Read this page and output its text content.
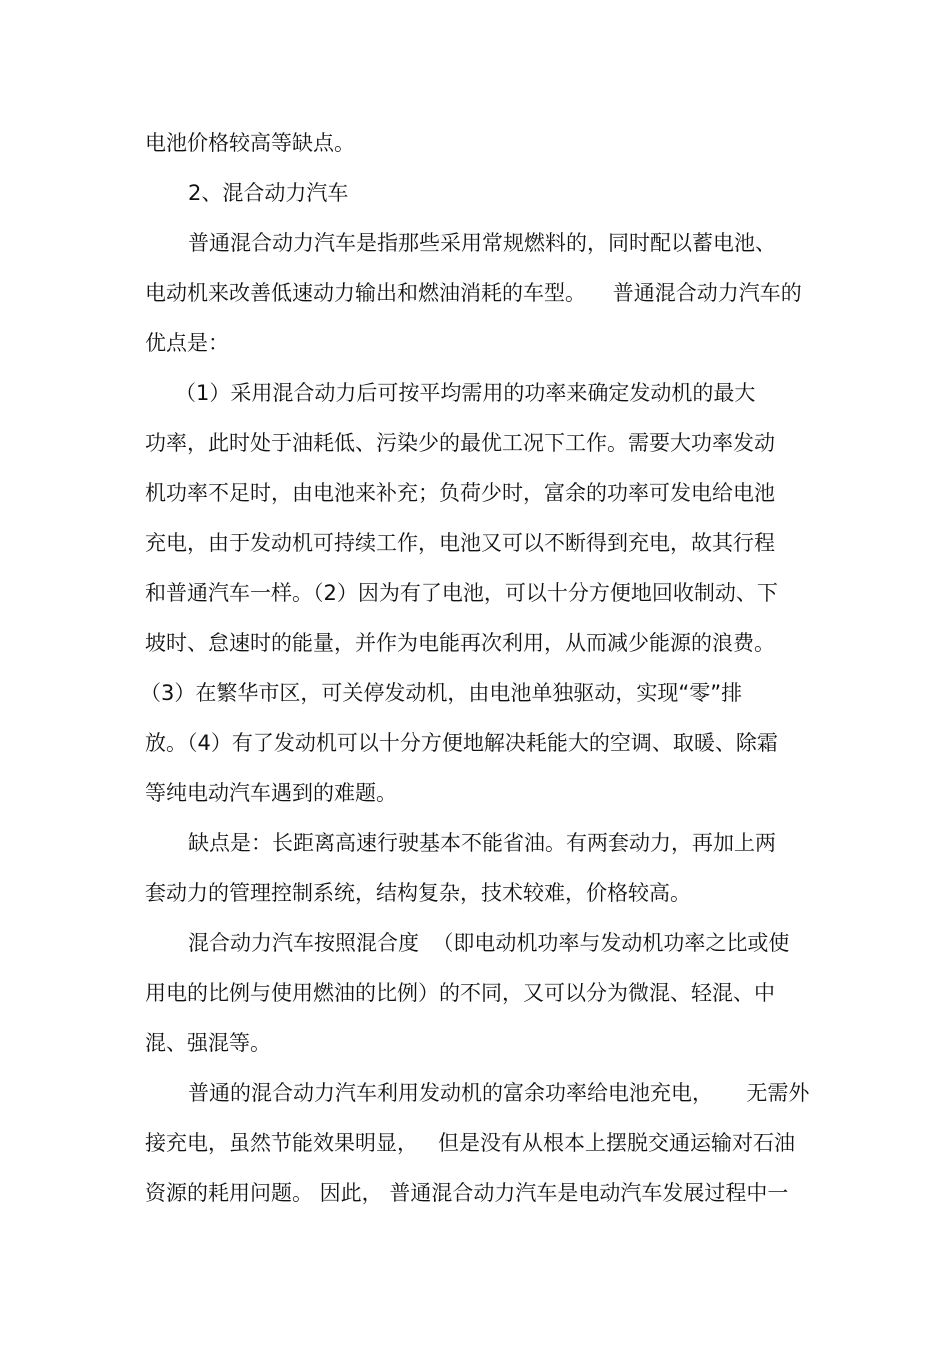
电池价格较高等缺点。

2、混合动力汽车

普通混合动力汽车是指那些采用常规燃料的，同时配以蓄电池、

电动机来改善低速动力输出和燃油消耗的车型。    普通混合动力汽车的

优点是：

（1）采用混合动力后可按平均需用的功率来确定发动机的最大

功率，此时处于油耗低、污染少的最优工况下工作。需要大功率发动

机功率不足时，由电池来补充；负荷少时，富余的功率可发电给电池

充电，由于发动机可持续工作，电池又可以不断得到充电，故其行程

和普通汽车一样。（2）因为有了电池，可以十分方便地回收制动、下

坡时、怠速时的能量，并作为电能再次利用，从而减少能源的浪费。

（3）在繁华市区，可关停发动机，由电池单独驱动，实现“零”排

放。（4）有了发动机可以十分方便地解决耗能大的空调、取暖、除霜

等纯电动汽车遇到的难题。

缺点是：长距离高速行驶基本不能省油。有两套动力，再加上两

套动力的管理控制系统，结构复杂，技术较难，价格较高。

混合动力汽车按照混合度  （即电动机功率与发动机功率之比或使

用电的比例与使用燃油的比例）的不同，又可以分为微混、轻混、中

混、强混等。

普通的混合动力汽车利用发动机的富余功率给电池充电，     无需外

接充电，虽然节能效果明显，   但是没有从根本上摆脱交通运输对石油

资源的耗用问题。 因此， 普通混合动力汽车是电动汽车发展过程中一
